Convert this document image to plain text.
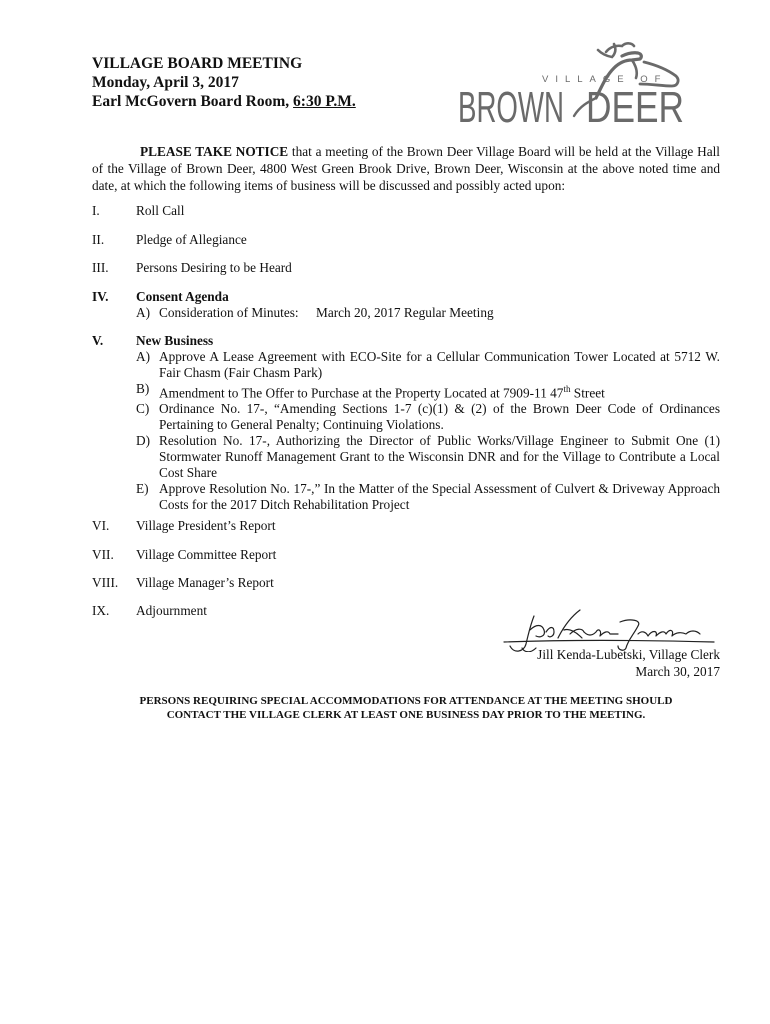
VILLAGE BOARD MEETING
Monday, April 3, 2017
Earl McGovern Board Room, 6:30 P.M.
VILLAGE OF
BROWN DEER
PLEASE TAKE NOTICE that a meeting of the Brown Deer Village Board will be held at the Village Hall of the Village of Brown Deer, 4800 West Green Brook Drive, Brown Deer, Wisconsin at the above noted time and date, at which the following items of business will be discussed and possibly acted upon:
I.	Roll Call
II.	Pledge of Allegiance
III.	Persons Desiring to be Heard
IV.	Consent Agenda
A) Consideration of Minutes: March 20, 2017 Regular Meeting
V.	New Business
A) Approve A Lease Agreement with ECO-Site for a Cellular Communication Tower Located at 5712 W. Fair Chasm (Fair Chasm Park)
B) Amendment to The Offer to Purchase at the Property Located at 7909-11 47th Street
C) Ordinance No. 17-, “Amending Sections 1-7 (c)(1) & (2) of the Brown Deer Code of Ordinances Pertaining to General Penalty; Continuing Violations.
D) Resolution No. 17-, Authorizing the Director of Public Works/Village Engineer to Submit One (1) Stormwater Runoff Management Grant to the Wisconsin DNR and for the Village to Contribute a Local Cost Share
E) Approve Resolution No. 17-,” In the Matter of the Special Assessment of Culvert & Driveway Approach Costs for the 2017 Ditch Rehabilitation Project
VI.	Village President’s Report
VII.	Village Committee Report
VIII.	Village Manager’s Report
IX.	Adjournment
Jill Kenda-Lubetski, Village Clerk
March 30, 2017
PERSONS REQUIRING SPECIAL ACCOMMODATIONS FOR ATTENDANCE AT THE MEETING SHOULD
CONTACT THE VILLAGE CLERK AT LEAST ONE BUSINESS DAY PRIOR TO THE MEETING.
